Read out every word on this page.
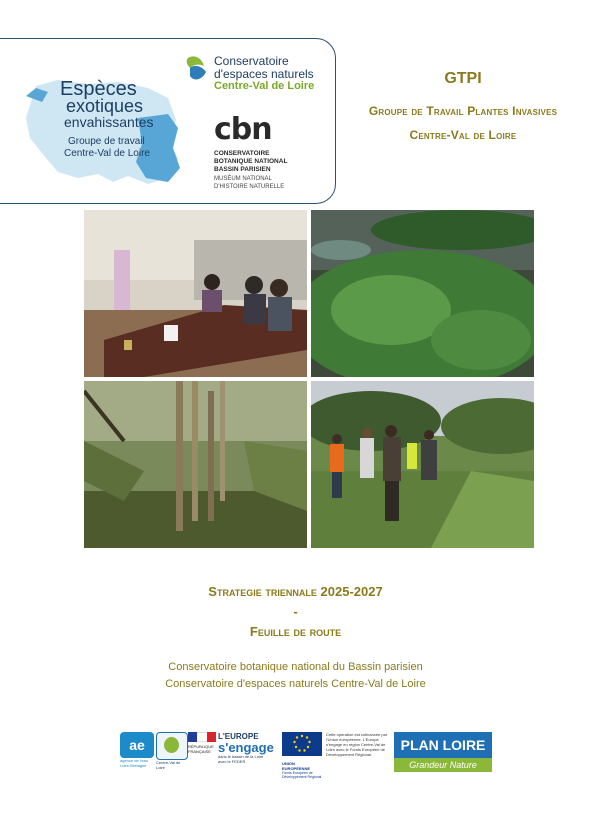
Espèces
exotiques
envahissantes
Groupe de travail
Centre-Val de Loire
Conservatoire
d'espaces naturels
Centre-Val de Loire
cbn
CONSERVATOIRE
BOTANIQUE NATIONAL
BASSIN PARISIEN
MUSÉUM NATIONAL
D'HISTOIRE NATURELLE
GTPI
Groupe de Travail Plantes Invasives
Centre-Val de Loire
Strategie triennale 2025-2027
-
Feuille de route
Conservatoire botanique national du Bassin parisien
Conservatoire d'espaces naturels Centre-Val de Loire
ae
agence de l'eau Loire-Bretagne
Centre-Val de Loire
RÉPUBLIQUE FRANÇAISE
L'EUROPE
s'engage
dans le bassin de la Loire
avec le FEDER	UNION EUROPÉENNE
Fonds Européen de Développement Régional
Cette opération est cofinancée par l'Union européenne. L'Europe s'engage en région Centre-Val de Loire avec le Fonds Européen de Développement Régional.
PLAN LOIRE
Grandeur Nature
